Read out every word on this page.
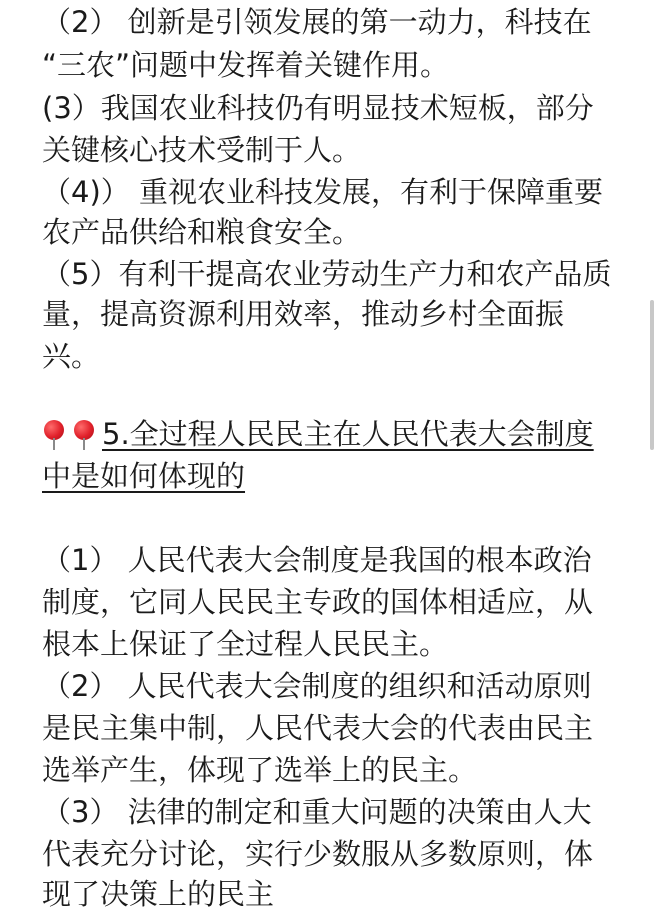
（2） 创新是引领发展的第一动力，科技在
“三农”问题中发挥着关键作用。
(3）我国农业科技仍有明显技术短板，部分
关键核心技术受制于人。
（4)） 重视农业科技发展，有利于保障重要
农产品供给和粮食安全。
（5）有利干提高农业劳动生产力和农产品质
量，提高资源利用效率，推动乡村全面振
兴。
5.全过程人民民主在人民代表大会制度
中是如何体现的
（1） 人民代表大会制度是我国的根本政治
制度，它同人民民主专政的国体相适应，从
根本上保证了全过程人民民主。
（2） 人民代表大会制度的组织和活动原则
是民主集中制，人民代表大会的代表由民主
选举产生，体现了选举上的民主。
（3） 法律的制定和重大问题的决策由人大
代表充分讨论，实行少数服从多数原则，体
现了决策上的民主
